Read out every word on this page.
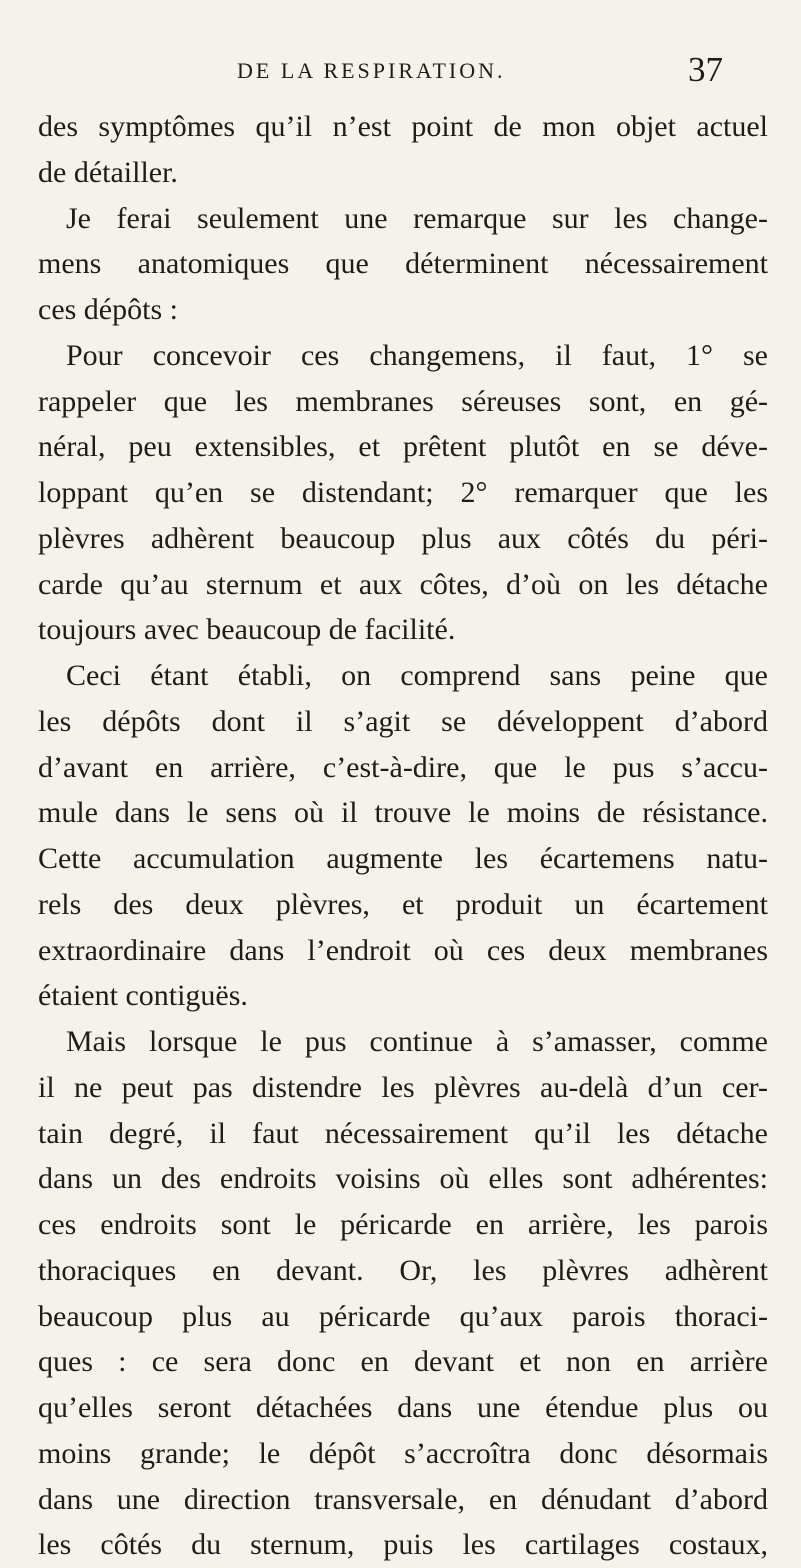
DE LA RESPIRATION.	37
des symptômes qu’il n’est point de mon objet actuel
de détailler.
Je ferai seulement une remarque sur les change-
mens anatomiques que déterminent nécessairement
ces dépôts :
Pour concevoir ces changemens, il faut, 1° se
rappeler que les membranes séreuses sont, en gé-
néral, peu extensibles, et prêtent plutôt en se déve-
loppant qu’en se distendant; 2° remarquer que les
plèvres adhèrent beaucoup plus aux côtés du péri-
carde qu’au sternum et aux côtes, d’où on les détache
toujours avec beaucoup de facilité.
Ceci étant établi, on comprend sans peine que
les dépôts dont il s’agit se développent d’abord
d’avant en arrière, c’est-à-dire, que le pus s’accu-
mule dans le sens où il trouve le moins de résistance.
Cette accumulation augmente les écartemens natu-
rels des deux plèvres, et produit un écartement
extraordinaire dans l’endroit où ces deux membranes
étaient contiguës.
Mais lorsque le pus continue à s’amasser, comme
il ne peut pas distendre les plèvres au-delà d’un cer-
tain degré, il faut nécessairement qu’il les détache
dans un des endroits voisins où elles sont adhérentes:
ces endroits sont le péricarde en arrière, les parois
thoraciques en devant. Or, les plèvres adhèrent
beaucoup plus au péricarde qu’aux parois thoraci-
ques : ce sera donc en devant et non en arrière
qu’elles seront détachées dans une étendue plus ou
moins grande; le dépôt s’accroîtra donc désormais
dans une direction transversale, en dénudant d’abord
les côtés du sternum, puis les cartilages costaux,
